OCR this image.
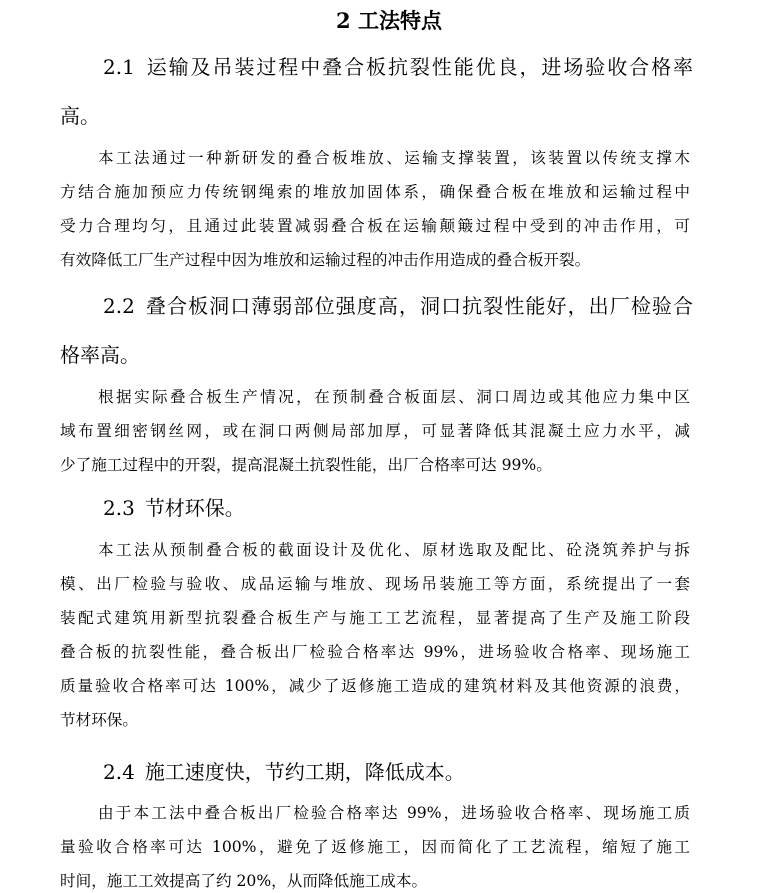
2 工法特点
2.1 运输及吊装过程中叠合板抗裂性能优良，进场验收合格率
高。
本工法通过一种新研发的叠合板堆放、运输支撑装置，该装置以传统支撑木
方结合施加预应力传统钢绳索的堆放加固体系，确保叠合板在堆放和运输过程中
受力合理均匀，且通过此装置减弱叠合板在运输颠簸过程中受到的冲击作用，可
有效降低工厂生产过程中因为堆放和运输过程的冲击作用造成的叠合板开裂。
2.2 叠合板洞口薄弱部位强度高，洞口抗裂性能好，出厂检验合
格率高。
根据实际叠合板生产情况，在预制叠合板面层、洞口周边或其他应力集中区
域布置细密钢丝网，或在洞口两侧局部加厚，可显著降低其混凝土应力水平，减
少了施工过程中的开裂，提高混凝土抗裂性能，出厂合格率可达 99%。
2.3 节材环保。
本工法从预制叠合板的截面设计及优化、原材选取及配比、砼浇筑养护与拆
模、出厂检验与验收、成品运输与堆放、现场吊装施工等方面，系统提出了一套
装配式建筑用新型抗裂叠合板生产与施工工艺流程，显著提高了生产及施工阶段
叠合板的抗裂性能，叠合板出厂检验合格率达 99%，进场验收合格率、现场施工
质量验收合格率可达 100%，减少了返修施工造成的建筑材料及其他资源的浪费，
节材环保。
2.4 施工速度快，节约工期，降低成本。
由于本工法中叠合板出厂检验合格率达 99%，进场验收合格率、现场施工质
量验收合格率可达 100%，避免了返修施工，因而简化了工艺流程，缩短了施工
时间，施工工效提高了约 20%，从而降低施工成本。
